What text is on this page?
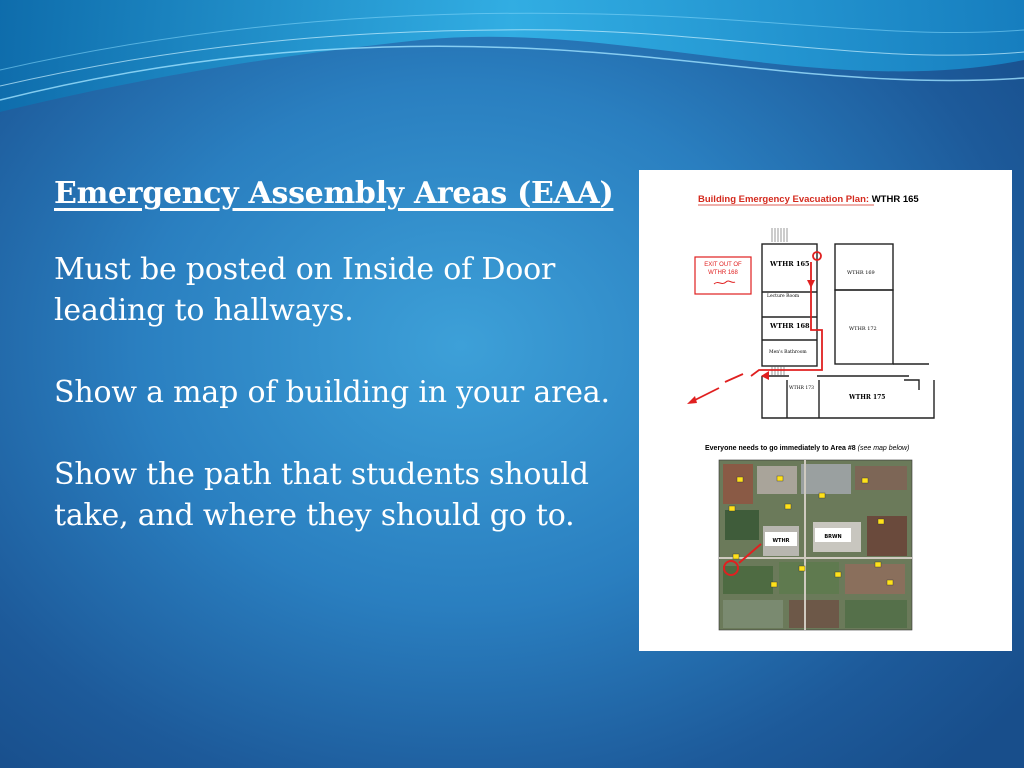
Emergency Assembly Areas (EAA)

Must be posted on Inside of Door leading to hallways.

Show a map of building in your area.

Show the path that students should take, and where they should go to.

Building Emergency Evacuation Plan: WTHR 165
WTHR 165
Lecture Room
WTHR 168
Men's Bathroom
WTHR 169
WTHR 172
WTHR 173
WTHR 175
EXIT OUT OF
WTHR 168
Everyone needs to go immediately to Area #8 (see map below)
WTHR
BRWN
